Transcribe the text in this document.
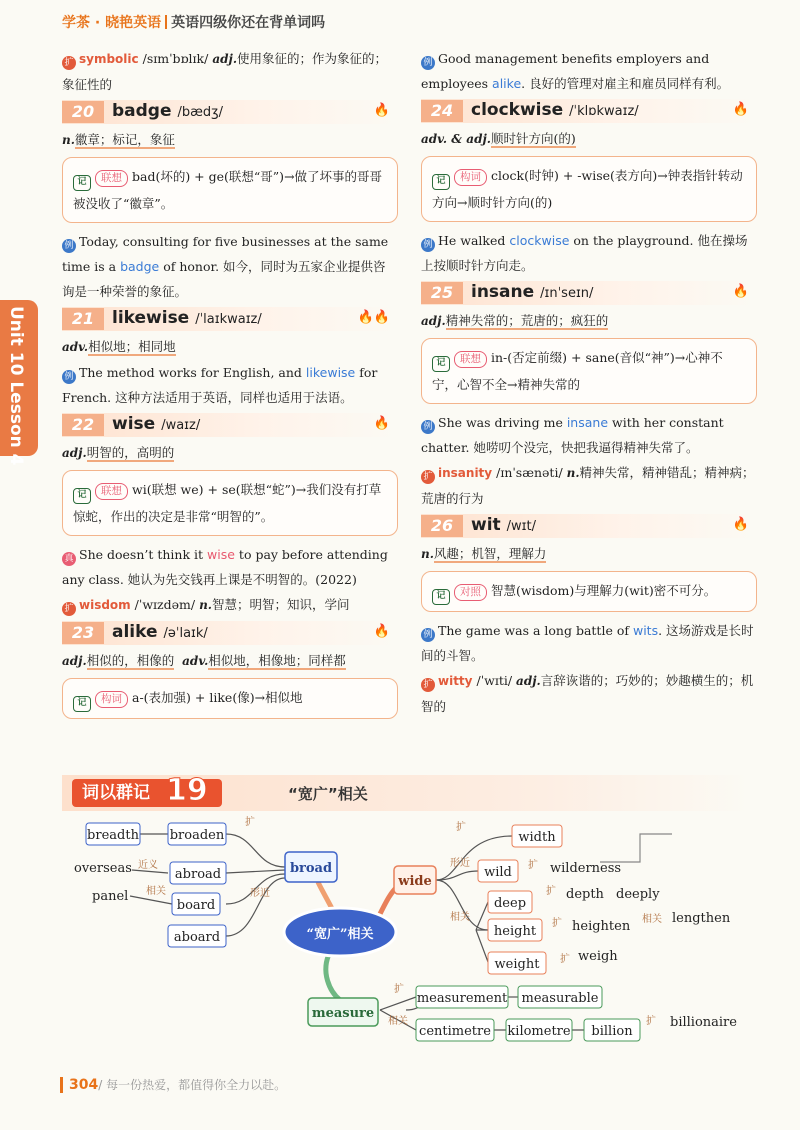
学茶 · 晓艳英语 英语四级你还在背单词吗
Unit 10 Lesson 4
扩 symbolic /sɪmˈbɒlɪk/ adj.使用象征的；作为象征的；象征性的
20	badge /bædʒ/	🔥
n.徽章；标记，象征
记 联想 bad(坏的) + ge(联想“哥”)→做了坏事的哥哥被没收了“徽章”。
例 Today, consulting for five businesses at the same time is a badge of honor. 如今，同时为五家企业提供咨询是一种荣誉的象征。
21	likewise /ˈlaɪkwaɪz/	🔥🔥
adv.相似地；相同地
例 The method works for English, and likewise for French. 这种方法适用于英语，同样也适用于法语。
22	wise /waɪz/	🔥
adj.明智的，高明的
记 联想 wi(联想 we) + se(联想“蛇”)→我们没有打草惊蛇，作出的决定是非常“明智的”。
真 She doesn’t think it wise to pay before attending any class. 她认为先交钱再上课是不明智的。(2022)
扩 wisdom /ˈwɪzdəm/ n.智慧；明智；知识，学问
23	alike /əˈlaɪk/	🔥
adj.相似的，相像的 adv.相似地，相像地；同样都
记 构词 a-(表加强) + like(像)→相似地
例 Good management benefits employers and employees alike. 良好的管理对雇主和雇员同样有利。
24	clockwise /ˈklɒkwaɪz/	🔥
adv. & adj.顺时针方向(的)
记 构词 clock(时钟) + -wise(表方向)→钟表指针转动方向→顺时针方向(的)
例 He walked clockwise on the playground. 他在操场上按顺时针方向走。
25	insane /ɪnˈseɪn/	🔥
adj.精神失常的；荒唐的；疯狂的
记 联想 in-(否定前缀) + sane(音似“神”)→心神不宁，心智不全→精神失常的
例 She was driving me insane with her constant chatter. 她唠叨个没完，快把我逼得精神失常了。
扩 insanity /ɪnˈsænəti/ n.精神失常，精神错乱；精神病；荒唐的行为
26	wit /wɪt/	🔥
n.风趣；机智，理解力
记 对照 智慧(wisdom)与理解力(wit)密不可分。
例 The game was a long battle of wits. 这场游戏是长时间的斗智。
扩 witty /ˈwɪti/ adj.言辞诙谐的；巧妙的；妙趣横生的；机智的
词以群记 19	“宽广”相关
扩
近义
相关	形近
扩
形近
相关
扩
扩
扩	相关
扩
扩
相关	扩
“宽广”相关
broad
wide
measure
breadth broaden
overseas	abroad
panel
board
aboard
width
wild	wilderness
deep
depth deeply
height	heighten
lengthen
weight
weigh
measurement measurable
centimetre kilometre billion
billionaire
304/ 每一份热爱，都值得你全力以赴。
